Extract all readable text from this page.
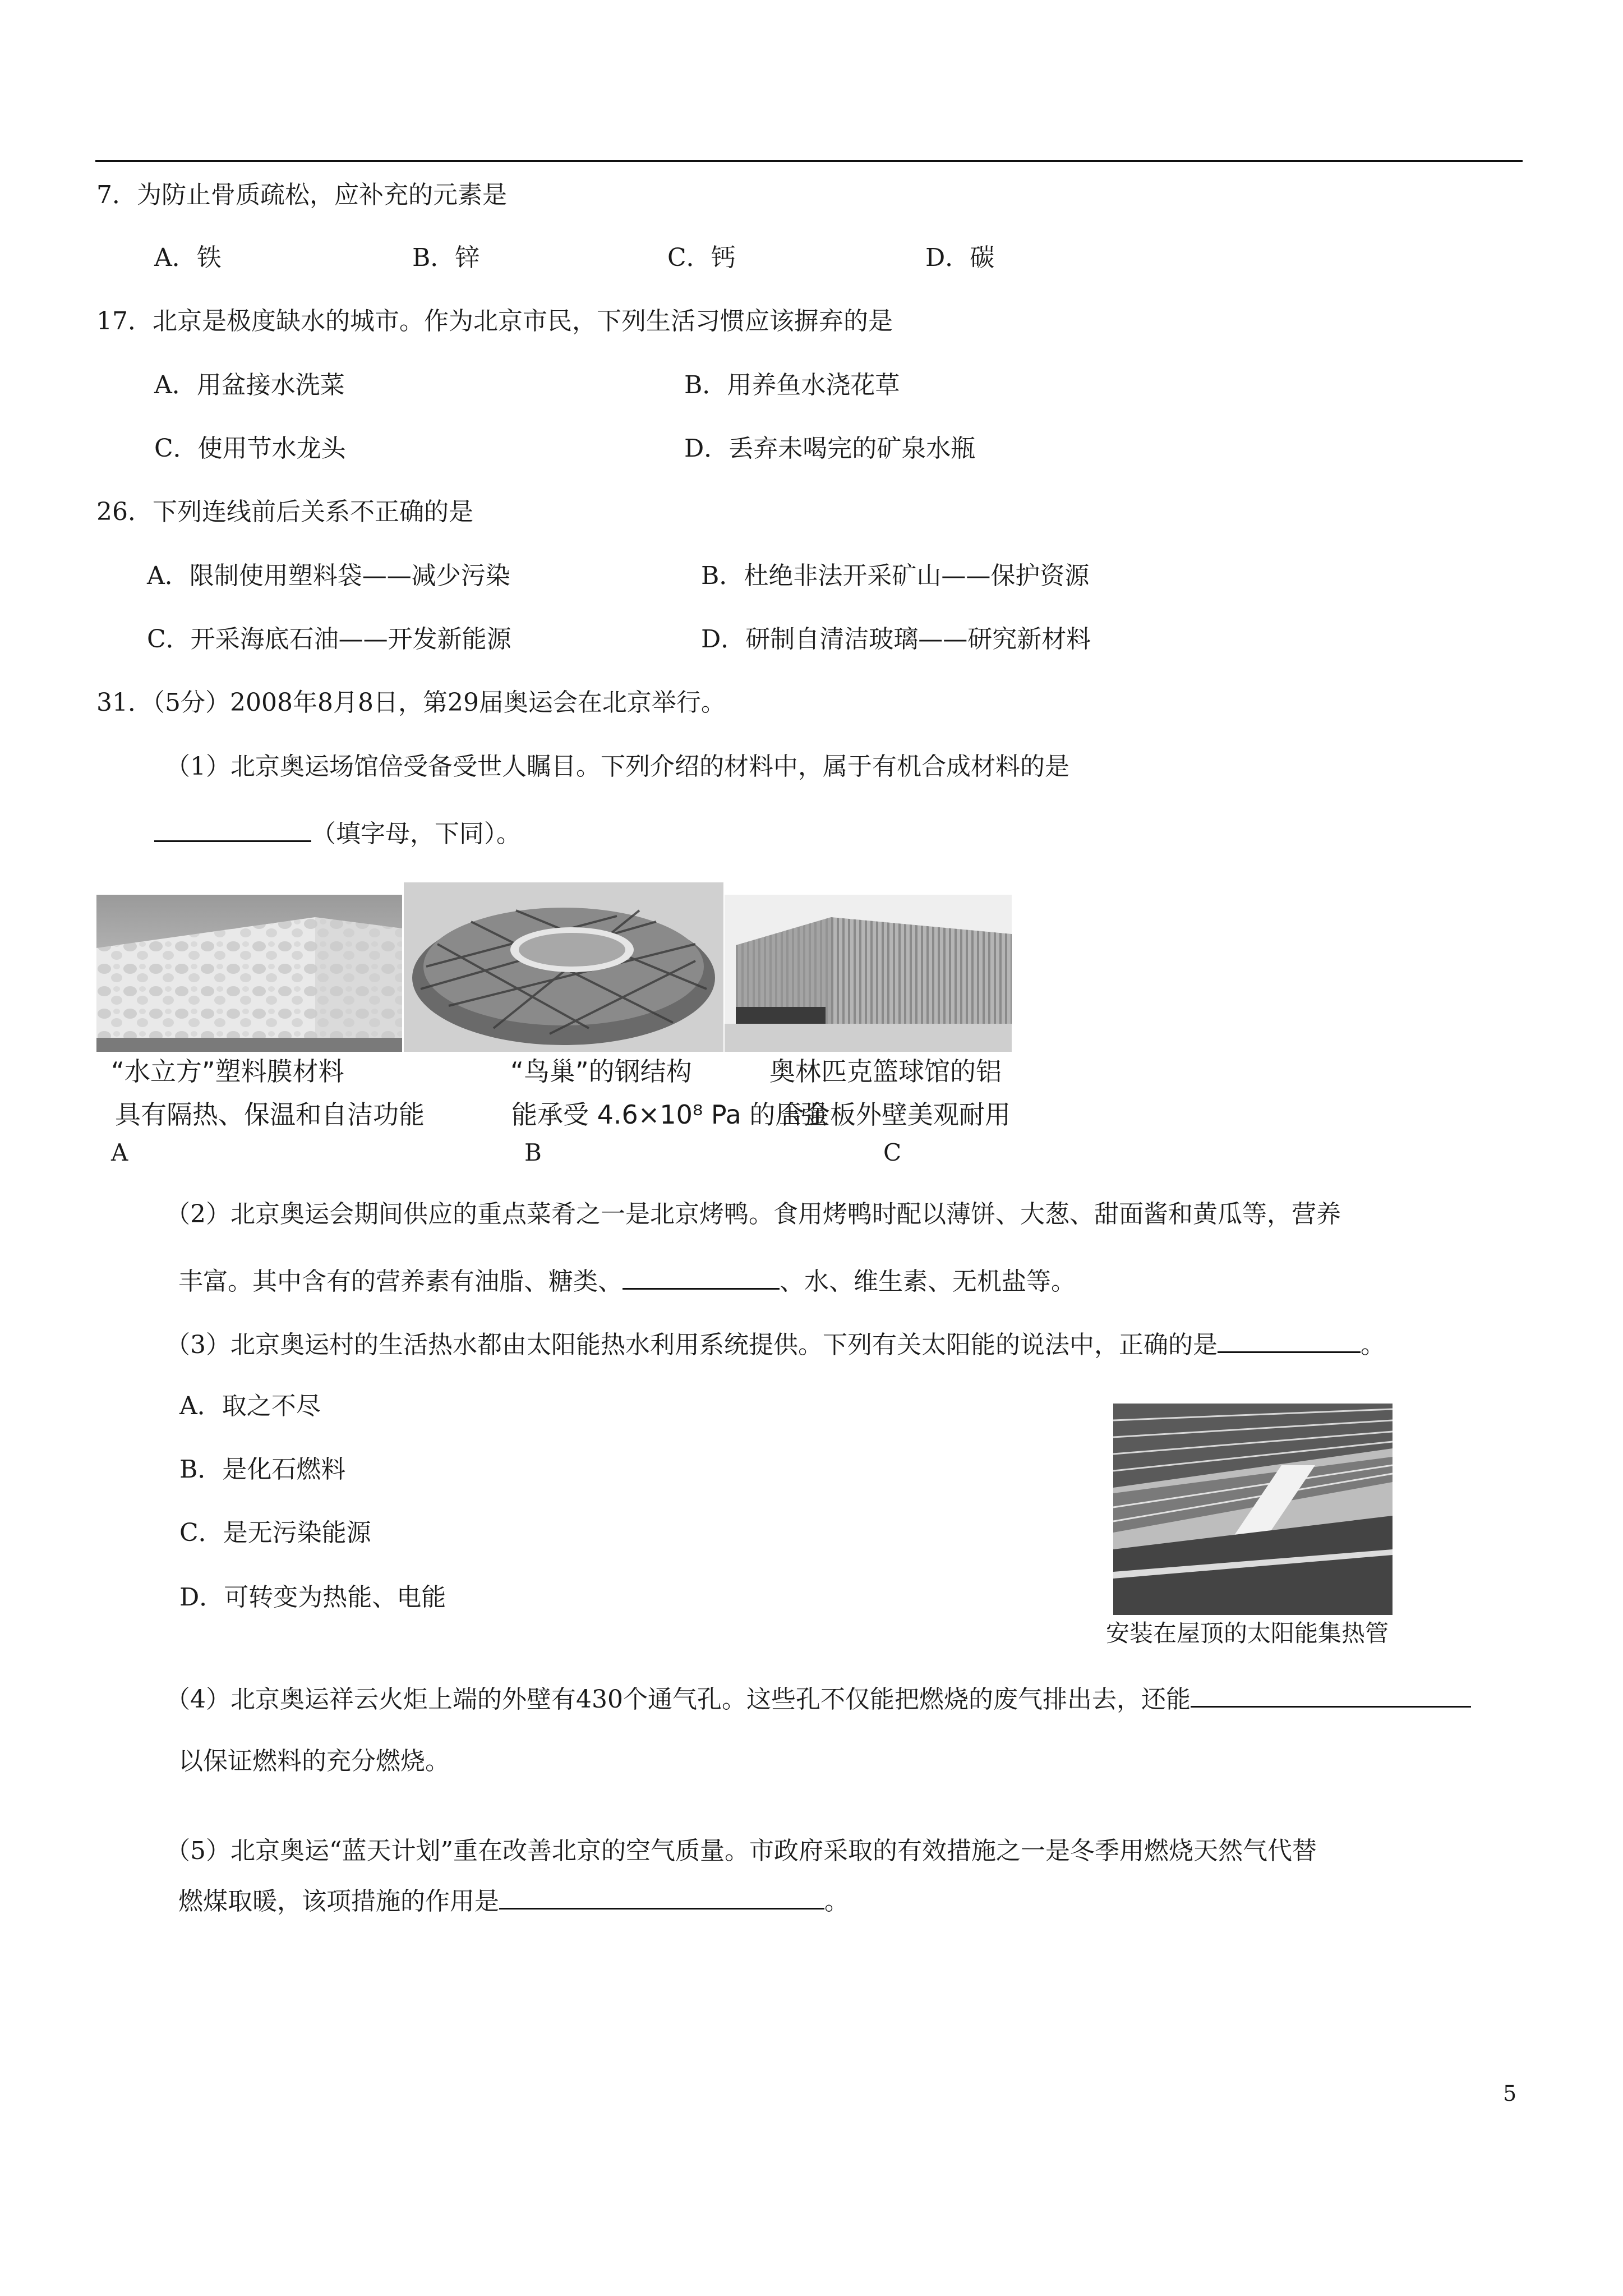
7．为防止骨质疏松，应补充的元素是
A．铁	B．锌	C．钙	D．碳
17．北京是极度缺水的城市。作为北京市民，下列生活习惯应该摒弃的是
A．用盆接水洗菜	B．用养鱼水浇花草
C．使用节水龙头	D．丢弃未喝完的矿泉水瓶
26．下列连线前后关系不正确的是
A．限制使用塑料袋——减少污染	B．杜绝非法开采矿山——保护资源
C．开采海底石油——开发新能源	D．研制自清洁玻璃——研究新材料
31．（5分）2008年8月8日，第29届奥运会在北京举行。
（1）北京奥运场馆倍受备受世人瞩目。下列介绍的材料中，属于有机合成材料的是
（填字母，下同）。
“水立方”塑料膜材料
具有隔热、保温和自洁功能
A
“鸟巢”的钢结构
能承受 4.6×10⁸ Pa 的压强
B
奥林匹克篮球馆的铝
合金板外壁美观耐用
C
（2）北京奥运会期间供应的重点菜肴之一是北京烤鸭。食用烤鸭时配以薄饼、大葱、甜面酱和黄瓜等，营养
丰富。其中含有的营养素有油脂、糖类、	、水、维生素、无机盐等。
（3）北京奥运村的生活热水都由太阳能热水利用系统提供。下列有关太阳能的说法中，正确的是	。
A．取之不尽
B．是化石燃料
C．是无污染能源
D．可转变为热能、电能
安装在屋顶的太阳能集热管
（4）北京奥运祥云火炬上端的外壁有430个通气孔。这些孔不仅能把燃烧的废气排出去，还能
以保证燃料的充分燃烧。
（5）北京奥运“蓝天计划”重在改善北京的空气质量。市政府采取的有效措施之一是冬季用燃烧天然气代替
燃煤取暖，该项措施的作用是	。
5
